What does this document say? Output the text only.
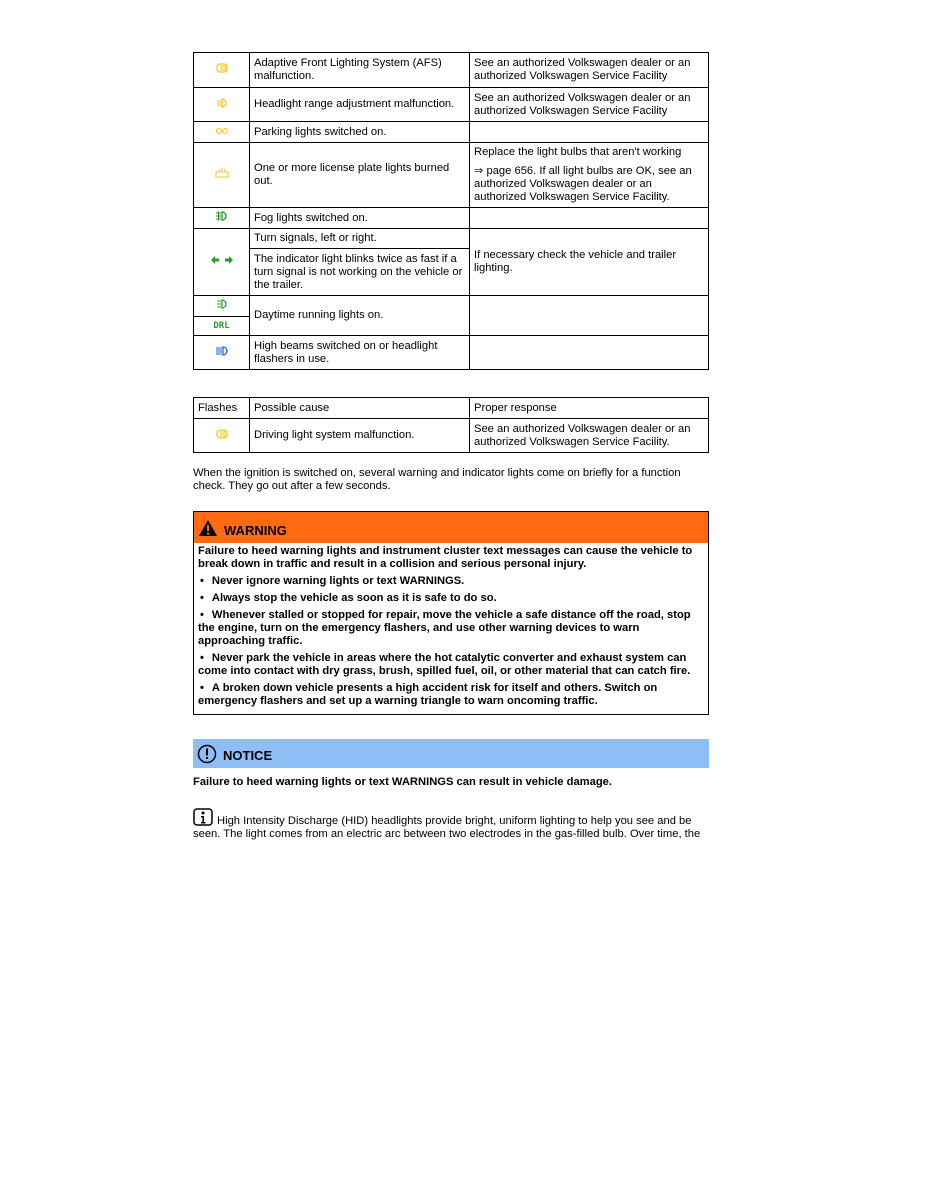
	Adaptive Front Lighting System (AFS) malfunction.	See an authorized Volkswagen dealer or an authorized Volkswagen Service Facility
	Headlight range adjustment malfunction.	See an authorized Volkswagen dealer or an authorized Volkswagen Service Facility
	Parking lights switched on.	
	One or more license plate lights burned out.	Replace the light bulbs that aren't working
⇒ page 656. If all light bulbs are OK, see an authorized Volkswagen dealer or an authorized Volkswagen Service Facility.

	Fog lights switched on.	
	Turn signals, left or right.	If necessary check the vehicle and trailer lighting.
	The indicator light blinks twice as fast if a turn signal is not working on the vehicle or the trailer.	
	Daytime running lights on.	
DRL		
	High beams switched on or headlight flashers in use.	
Flashes	Possible cause	Proper response
	Driving light system malfunction.	See an authorized Volkswagen dealer or an authorized Volkswagen Service Facility.
When the ignition is switched on, several warning and indicator lights come on briefly for a function check. They go out after a few seconds.
WARNING

Failure to heed warning lights and instrument cluster text messages can cause the vehicle to break down in traffic and result in a collision and serious personal injury.

• Never ignore warning lights or text WARNINGS.

• Always stop the vehicle as soon as it is safe to do so.

• Whenever stalled or stopped for repair, move the vehicle a safe distance off the road, stop the engine, turn on the emergency flashers, and use other warning devices to warn approaching traffic.

• Never park the vehicle in areas where the hot catalytic converter and exhaust system can come into contact with dry grass, brush, spilled fuel, oil, or other material that can catch fire.

• A broken down vehicle presents a high accident risk for itself and others. Switch on emergency flashers and set up a warning triangle to warn oncoming traffic.

NOTICE
Failure to heed warning lights or text WARNINGS can result in vehicle damage.
High Intensity Discharge (HID) headlights provide bright, uniform lighting to help you see and be seen. The light comes from an electric arc between two electrodes in the gas-filled bulb. Over time, the
